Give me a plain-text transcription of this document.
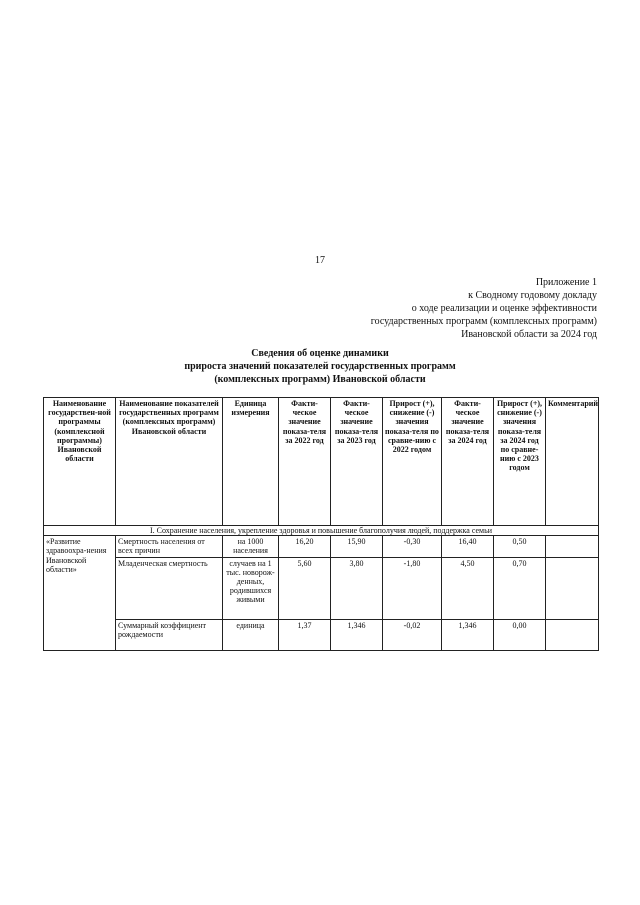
17
Приложение 1
к Сводному годовому докладу
о ходе реализации и оценке эффективности
государственных программ (комплексных программ)
Ивановской области за 2024 год
Сведения об оценке динамики
прироста значений показателей государственных программ
(комплексных программ) Ивановской области
Наименование государствен-ной программы (комплексной программы) Ивановской области	Наименование показателей государственных программ (комплексных программ) Ивановской области	Единица измерения	Факти-ческое значение показа-теля за 2022 год	Факти-ческое значение показа-теля за 2023 год	Прирост (+), снижение (-) значения показа-теля по сравне-нию с 2022 годом	Факти-ческое значение показа-теля за 2024 год	Прирост (+), снижение (-) значения показа-теля за 2024 год по сравне-нию с 2023 годом	Комментарий
I. Сохранение населения, укрепление здоровья и повышение благополучия людей, поддержка семьи								
«Развитие здравоохра-нения Ивановской области»	Смертность населения от всех причин	на 1000 населения	16,20	15,90	-0,30	16,40	0,50	
	Младенческая смертность	случаев на 1 тыс. новорож-денных, родившихся живыми	5,60	3,80	-1,80	4,50	0,70	
	Суммарный коэффициент рождаемости	единица	1,37	1,346	-0,02	1,346	0,00	
